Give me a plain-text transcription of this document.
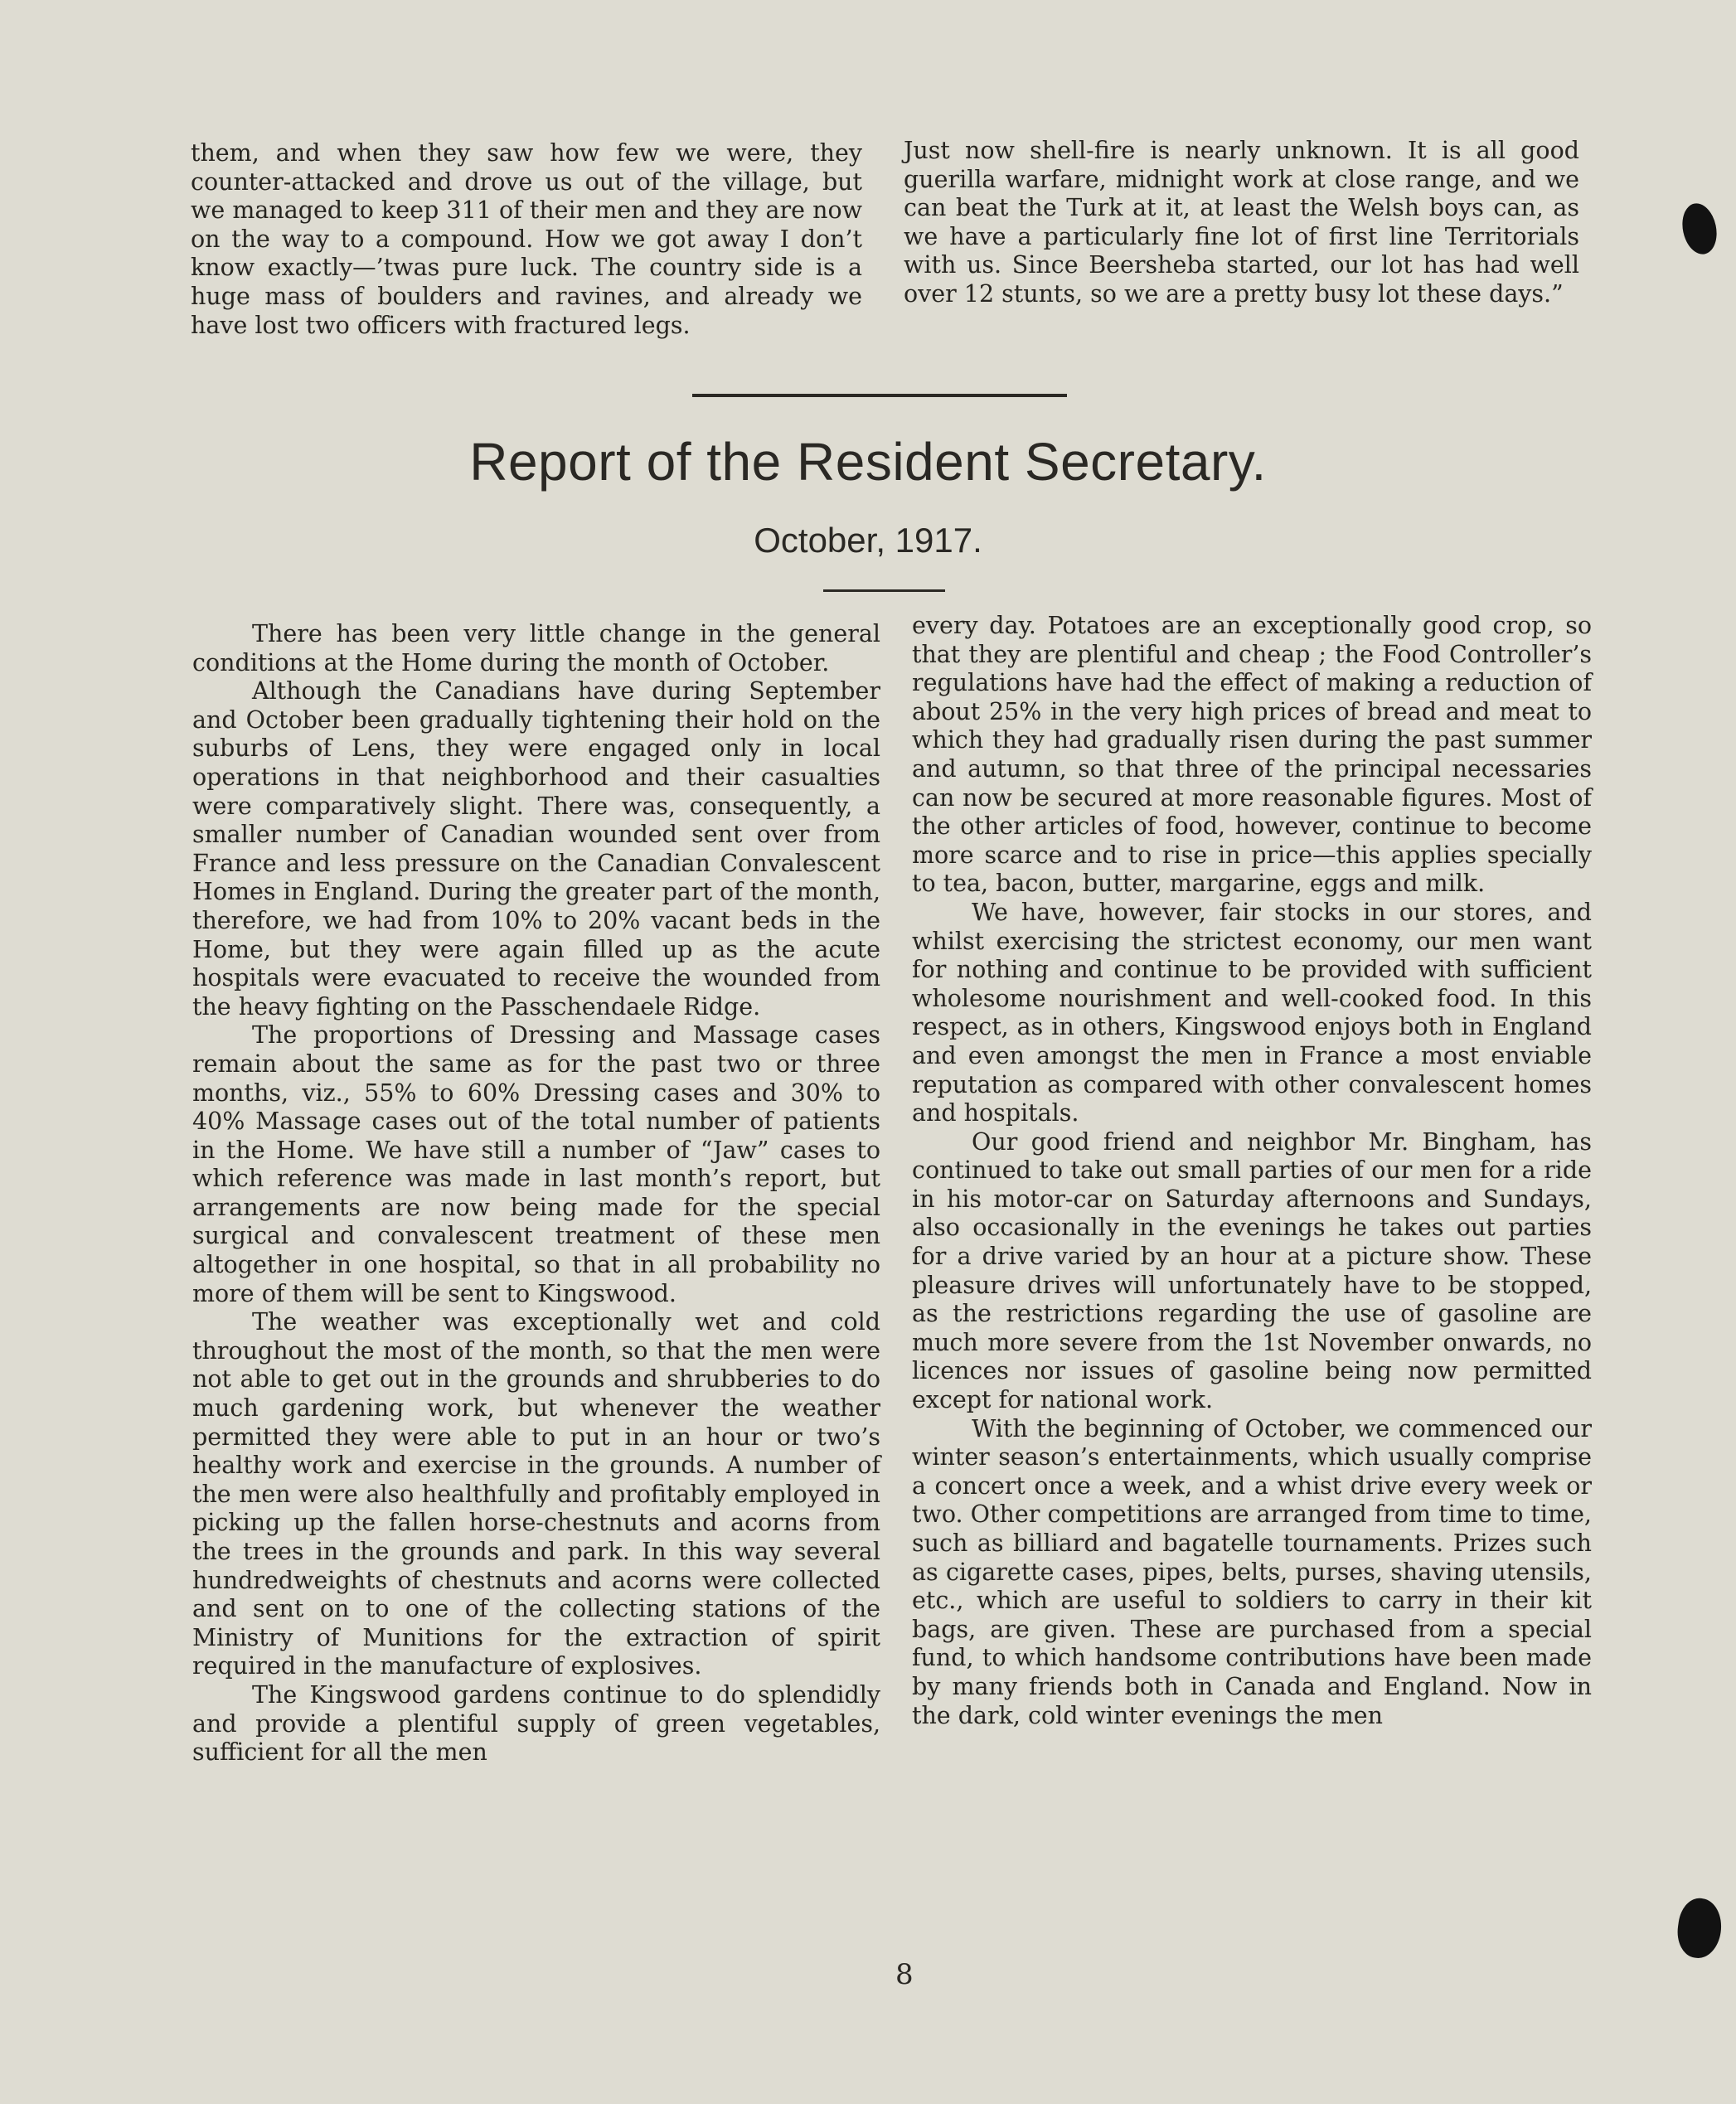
them, and when they saw how few we were, they counter-attacked and drove us out of the village, but we managed to keep 311 of their men and they are now on the way to a compound. How we got away I don’t know exactly—’twas pure luck. The country side is a huge mass of boulders and ravines, and already we have lost two officers with fractured legs.

Just now shell-fire is nearly unknown. It is all good guerilla warfare, midnight work at close range, and we can beat the Turk at it, at least the Welsh boys can, as we have a particularly fine lot of first line Territorials with us. Since Beersheba started, our lot has had well over 12 stunts, so we are a pretty busy lot these days.”

Report of the Resident Secretary.
October, 1917.

There has been very little change in the general conditions at the Home during the month of October.

Although the Canadians have during September and October been gradually tightening their hold on the suburbs of Lens, they were engaged only in local operations in that neighborhood and their casualties were comparatively slight. There was, consequently, a smaller number of Canadian wounded sent over from France and less pressure on the Canadian Convalescent Homes in England. During the greater part of the month, therefore, we had from 10% to 20% vacant beds in the Home, but they were again filled up as the acute hospitals were evacuated to receive the wounded from the heavy fighting on the Passchendaele Ridge.

The proportions of Dressing and Massage cases remain about the same as for the past two or three months, viz., 55% to 60% Dressing cases and 30% to 40% Massage cases out of the total number of patients in the Home. We have still a number of “Jaw” cases to which reference was made in last month’s report, but arrangements are now being made for the special surgical and convalescent treatment of these men altogether in one hospital, so that in all probability no more of them will be sent to Kingswood.

The weather was exceptionally wet and cold throughout the most of the month, so that the men were not able to get out in the grounds and shrubberies to do much gardening work, but whenever the weather permitted they were able to put in an hour or two’s healthy work and exercise in the grounds. A number of the men were also healthfully and profitably employed in picking up the fallen horse-chestnuts and acorns from the trees in the grounds and park. In this way several hundredweights of chestnuts and acorns were collected and sent on to one of the collecting stations of the Ministry of Munitions for the extraction of spirit required in the manufacture of explosives.

The Kingswood gardens continue to do splendidly and provide a plentiful supply of green vegetables, sufficient for all the men

every day. Potatoes are an exceptionally good crop, so that they are plentiful and cheap ; the Food Controller’s regulations have had the effect of making a reduction of about 25% in the very high prices of bread and meat to which they had gradually risen during the past summer and autumn, so that three of the principal necessaries can now be secured at more reasonable figures. Most of the other articles of food, however, continue to become more scarce and to rise in price—this applies specially to tea, bacon, butter, margarine, eggs and milk.

We have, however, fair stocks in our stores, and whilst exercising the strictest economy, our men want for nothing and continue to be provided with sufficient wholesome nourishment and well-cooked food. In this respect, as in others, Kingswood enjoys both in England and even amongst the men in France a most enviable reputation as compared with other convalescent homes and hospitals.

Our good friend and neighbor Mr. Bingham, has continued to take out small parties of our men for a ride in his motor-car on Saturday afternoons and Sundays, also occasionally in the evenings he takes out parties for a drive varied by an hour at a picture show. These pleasure drives will unfortunately have to be stopped, as the restrictions regarding the use of gasoline are much more severe from the 1st November onwards, no licences nor issues of gasoline being now permitted except for national work.

With the beginning of October, we commenced our winter season’s entertainments, which usually comprise a concert once a week, and a whist drive every week or two. Other competitions are arranged from time to time, such as billiard and bagatelle tournaments. Prizes such as cigarette cases, pipes, belts, purses, shaving utensils, etc., which are useful to soldiers to carry in their kit bags, are given. These are purchased from a special fund, to which handsome contributions have been made by many friends both in Canada and England. Now in the dark, cold winter evenings the men

8
